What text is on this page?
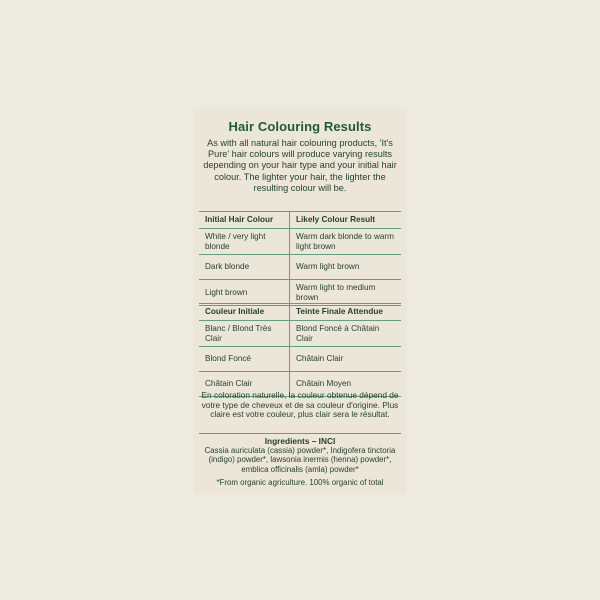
Hair Colouring Results
As with all natural hair colouring products, 'It's Pure' hair colours will produce varying results depending on your hair type and your initial hair colour. The lighter your hair, the lighter the resulting colour will be.
Initial Hair Colour	Likely Colour Result
White / very light blonde	Warm dark blonde to warm light brown
Dark blonde	Warm light brown
Light brown	Warm light to medium brown
Couleur Initiale	Teinte Finale Attendue
Blanc / Blond Très Clair	Blond Foncé à Châtain Clair
Blond Foncé	Châtain Clair
Châtain Clair	Châtain Moyen
En coloration naturelle, la couleur obtenue dépend de votre type de cheveux et de sa couleur d'origine. Plus claire est votre couleur, plus clair sera le résultat.
Ingredients – INCI
Cassia auriculata (cassia) powder*, Indigofera tinctoria (indigo) powder*, lawsonia inermis (henna) powder*, emblica officinalis (amla) powder*
*From organic agriculture. 100% organic of total
